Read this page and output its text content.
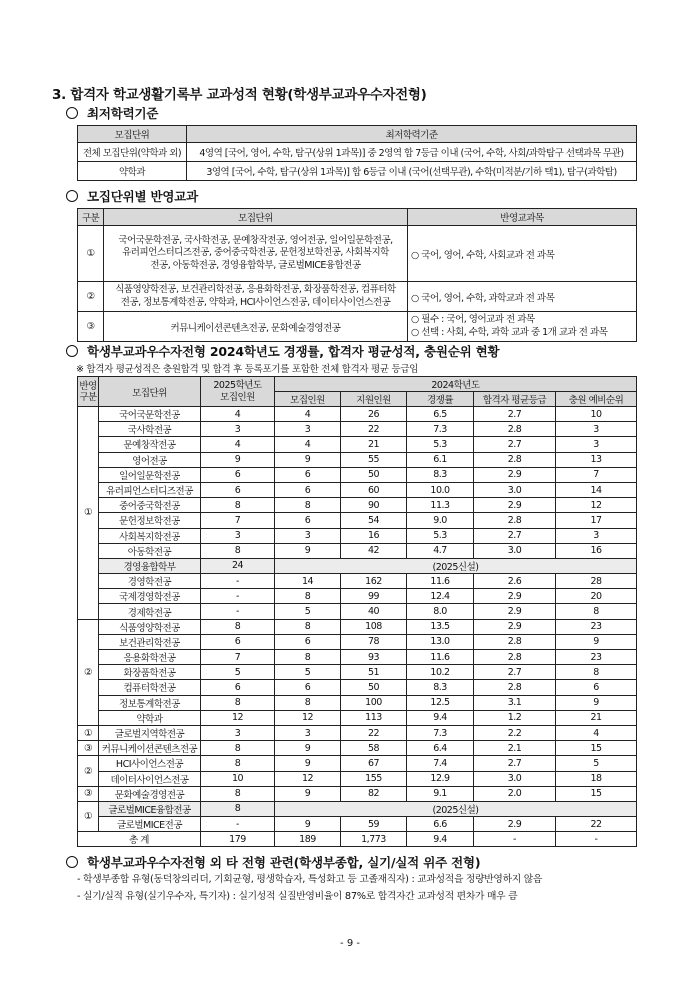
3. 합격자 학교생활기록부 교과성적 현황(학생부교과우수자전형)
최저학력기준
모집단위	최저학력기준
전체 모집단위(약학과 외)	4영역 [국어, 영어, 수학, 탐구(상위 1과목)] 중 2영역 합 7등급 이내 (국어, 수학, 사회/과학탐구 선택과목 무관)
약학과	3영역 [국어, 수학, 탐구(상위 1과목)] 합 6등급 이내 (국어(선택무관), 수학(미적분/기하 택1), 탐구(과학탐)
모집단위별 반영교과
구분	모집단위	반영교과목
①	국어국문학전공, 국사학전공, 문예창작전공, 영어전공, 일어일문학전공, 유러피언스터디즈전공, 중어중국학전공, 문헌정보학전공, 사회복지학전공, 아동학전공, 경영융합학부, 글로벌MICE융합전공	○ 국어, 영어, 수학, 사회교과 전 과목
②	식품영양학전공, 보건관리학전공, 응용화학전공, 화장품학전공, 컴퓨터학전공, 정보통계학전공, 약학과, HCI사이언스전공, 데이터사이언스전공	○ 국어, 영어, 수학, 과학교과 전 과목
③	커뮤니케이션콘텐츠전공, 문화예술경영전공	○ 필수 : 국어, 영어교과 전 과목
○ 선택 : 사회, 수학, 과학 교과 중 1개 교과 전 과목
학생부교과우수자전형 2024학년도 경쟁률, 합격자 평균성적, 충원순위 현황
※ 합격자 평균성적은 충원합격 및 합격 후 등록포기를 포함한 전체 합격자 평균 등급임
반영
구분	모집단위	2025학년도
모집인원	2024학년도				
			모집인원	지원인원	경쟁률	합격자 평균등급	충원 예비순위
①	국어국문학전공	4	4	26	6.5	2.7	10
	국사학전공	3	3	22	7.3	2.8	3
	문예창작전공	4	4	21	5.3	2.7	3
	영어전공	9	9	55	6.1	2.8	13
	일어일문학전공	6	6	50	8.3	2.9	7
	유러피언스터디즈전공	6	6	60	10.0	3.0	14
	중어중국학전공	8	8	90	11.3	2.9	12
	문헌정보학전공	7	6	54	9.0	2.8	17
	사회복지학전공	3	3	16	5.3	2.7	3
	아동학전공	8	9	42	4.7	3.0	16
	경영융합학부	24	(2025신설)				
	경영학전공	-	14	162	11.6	2.6	28
	국제경영학전공	-	8	99	12.4	2.9	20
	경제학전공	-	5	40	8.0	2.9	8
②	식품영양학전공	8	8	108	13.5	2.9	23
	보건관리학전공	6	6	78	13.0	2.8	9
	응용화학전공	7	8	93	11.6	2.8	23
	화장품학전공	5	5	51	10.2	2.7	8
	컴퓨터학전공	6	6	50	8.3	2.8	6
	정보통계학전공	8	8	100	12.5	3.1	9
	약학과	12	12	113	9.4	1.2	21
①	글로벌지역학전공	3	3	22	7.3	2.2	4
③	커뮤니케이션콘텐츠전공	8	9	58	6.4	2.1	15
②	HCI사이언스전공	8	9	67	7.4	2.7	5
	데이터사이언스전공	10	12	155	12.9	3.0	18
③	문화예술경영전공	8	9	82	9.1	2.0	15
①	글로벌MICE융합전공	8	(2025신설)				
	글로벌MICE전공	-	9	59	6.6	2.9	22
총 계		179	189	1,773	9.4	-	-
학생부교과우수자전형 외 타 전형 관련(학생부종합, 실기/실적 위주 전형)
- 학생부종합 유형(동덕창의리더, 기회균형, 평생학습자, 특성화고 등 고졸재직자) : 교과성적을 정량반영하지 않음
- 실기/실적 유형(실기우수자, 특기자) : 실기성적 실질반영비율이 87%로 합격자간 교과성적 편차가 매우 큼
- 9 -
